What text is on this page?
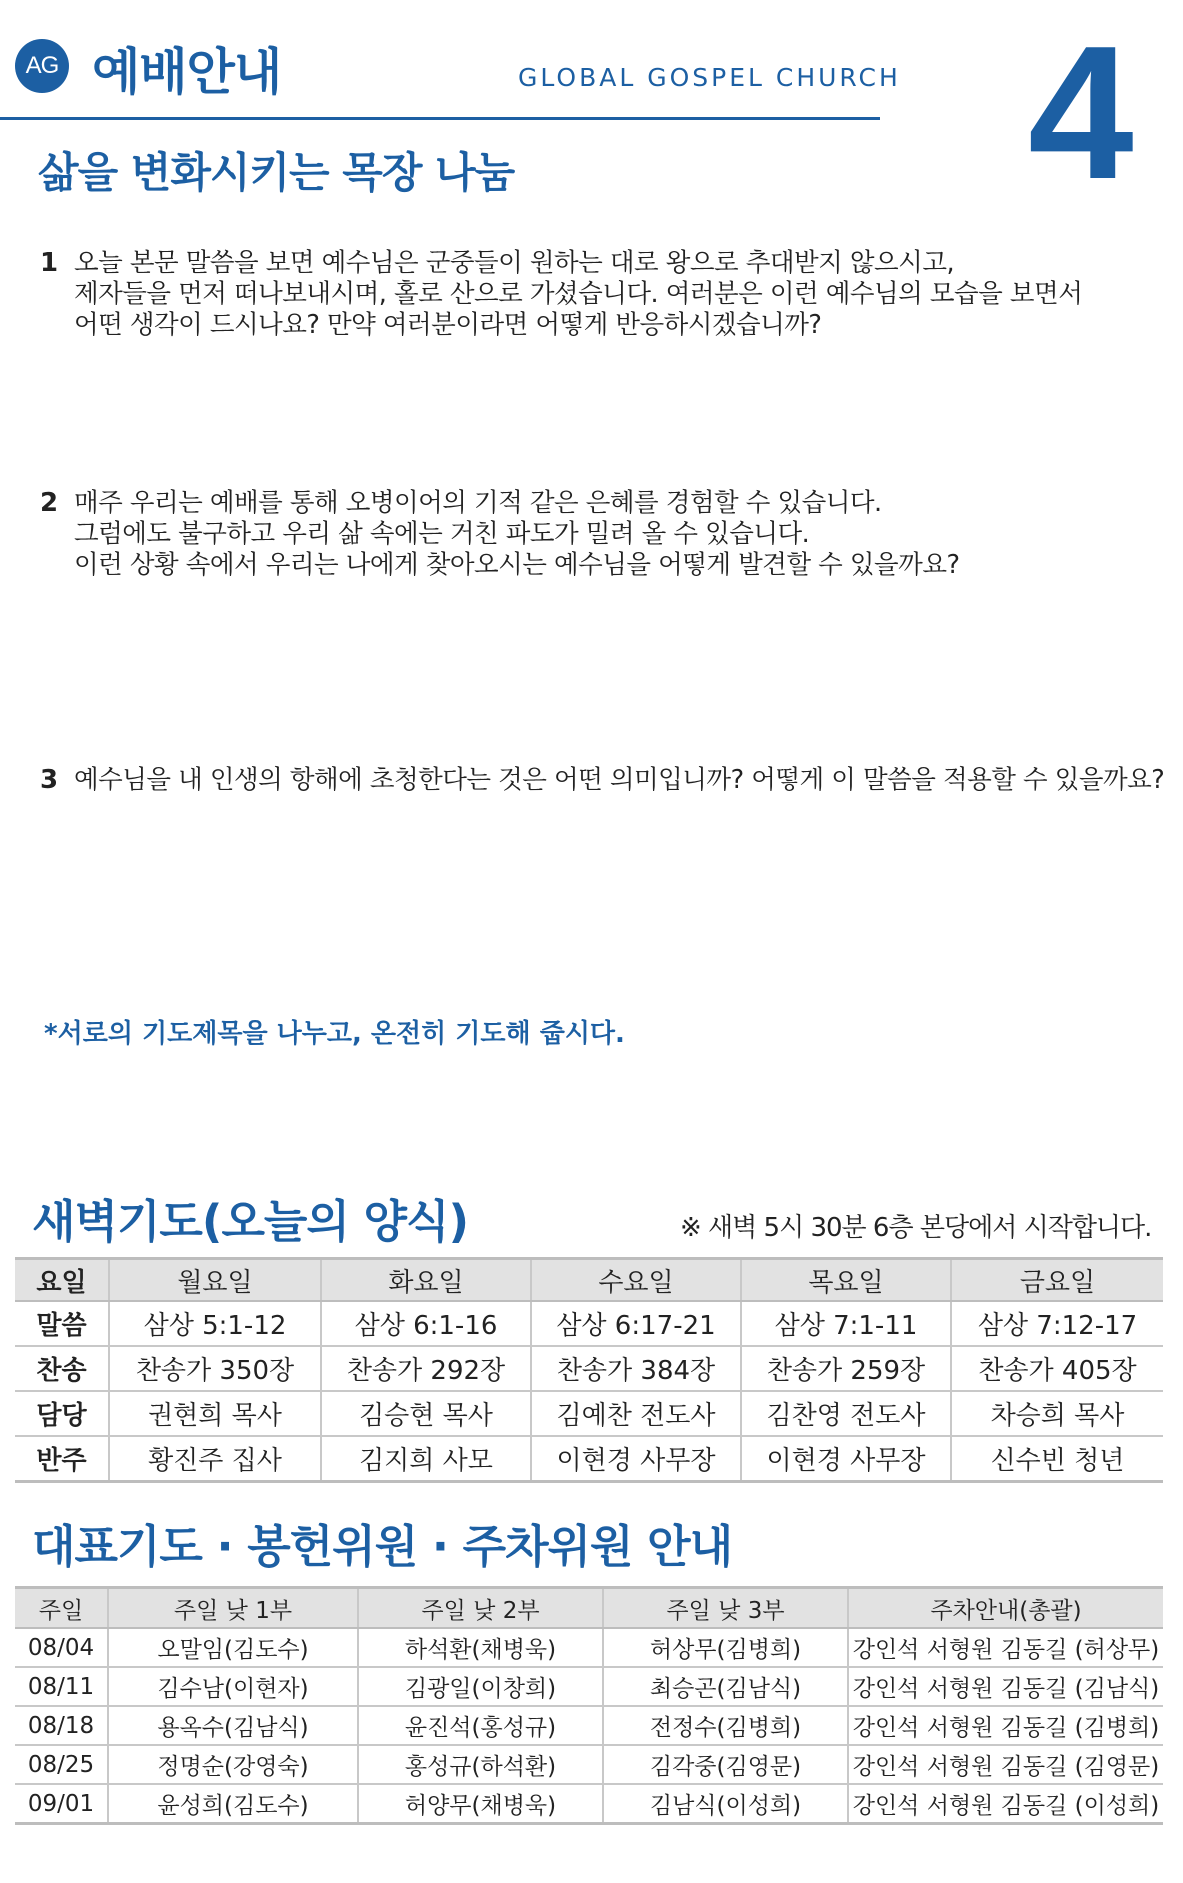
AG 예배안내	GLOBAL GOSPEL CHURCH 4
삶을 변화시키는 목장 나눔
1 오늘 본문 말씀을 보면 예수님은 군중들이 원하는 대로 왕으로 추대받지 않으시고,
제자들을 먼저 떠나보내시며, 홀로 산으로 가셨습니다. 여러분은 이런 예수님의 모습을 보면서
어떤 생각이 드시나요? 만약 여러분이라면 어떻게 반응하시겠습니까?
2 매주 우리는 예배를 통해 오병이어의 기적 같은 은혜를 경험할 수 있습니다.
그럼에도 불구하고 우리 삶 속에는 거친 파도가 밀려 올 수 있습니다.
이런 상황 속에서 우리는 나에게 찾아오시는 예수님을 어떻게 발견할 수 있을까요?
3 예수님을 내 인생의 항해에 초청한다는 것은 어떤 의미입니까? 어떻게 이 말씀을 적용할 수 있을까요?
*서로의 기도제목을 나누고, 온전히 기도해 줍시다.
새벽기도(오늘의 양식)	※ 새벽 5시 30분 6층 본당에서 시작합니다.
요일	월요일	화요일	수요일	목요일	금요일
말씀	삼상 5:1-12	삼상 6:1-16	삼상 6:17-21	삼상 7:1-11	삼상 7:12-17
찬송	찬송가 350장	찬송가 292장	찬송가 384장	찬송가 259장	찬송가 405장
담당	권현희 목사	김승현 목사	김예찬 전도사	김찬영 전도사	차승희 목사
반주	황진주 집사	김지희 사모	이현경 사무장	이현경 사무장	신수빈 청년
대표기도 · 봉헌위원 · 주차위원 안내
주일	주일 낮 1부	주일 낮 2부	주일 낮 3부	주차안내(총괄)
08/04	오말임(김도수)	하석환(채병욱)	허상무(김병희)	강인석 서형원 김동길 (허상무)
08/11	김수남(이현자)	김광일(이창희)	최승곤(김남식)	강인석 서형원 김동길 (김남식)
08/18	용옥수(김남식)	윤진석(홍성규)	전정수(김병희)	강인석 서형원 김동길 (김병희)
08/25	정명순(강영숙)	홍성규(하석환)	김각중(김영문)	강인석 서형원 김동길 (김영문)
09/01	윤성희(김도수)	허양무(채병욱)	김남식(이성희)	강인석 서형원 김동길 (이성희)
